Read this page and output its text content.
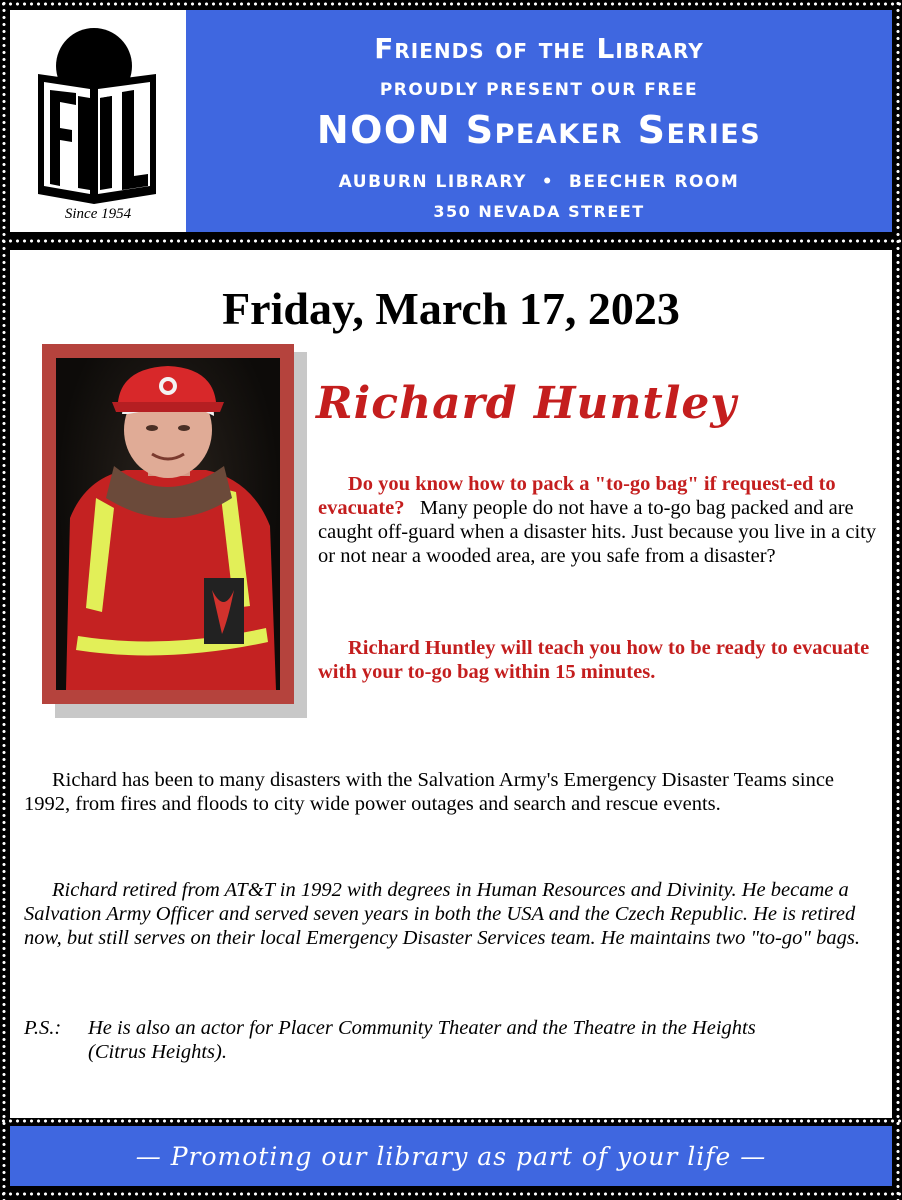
Since 1954
Friends of the Library
PROUDLY PRESENT OUR FREE
NOON Speaker Series
AUBURN LIBRARY  •  BEECHER ROOM
350 NEVADA STREET
Friday, March 17, 2023
Richard Huntley

Do you know how to pack a "to-go bag" if request-ed to evacuate? Many people do not have a to-go bag packed and are caught off-guard when a disaster hits. Just because you live in a city or not near a wooded area, are you safe from a disaster?

Richard Huntley will teach you how to be ready to evacuate with your to-go bag within 15 minutes.

Richard has been to many disasters with the Salvation Army's Emergency Disaster Teams since 1992, from fires and floods to city wide power outages and search and rescue events.

Richard retired from AT&T in 1992 with degrees in Human Resources and Divinity. He became a Salvation Army Officer and served seven years in both the USA and the Czech Republic. He is retired now, but still serves on their local Emergency Disaster Services team. He maintains two "to-go" bags.

P.S.: He is also an actor for Placer Community Theater and the Theatre in the Heights
(Citrus Heights).

— Promoting our library as part of your life —
